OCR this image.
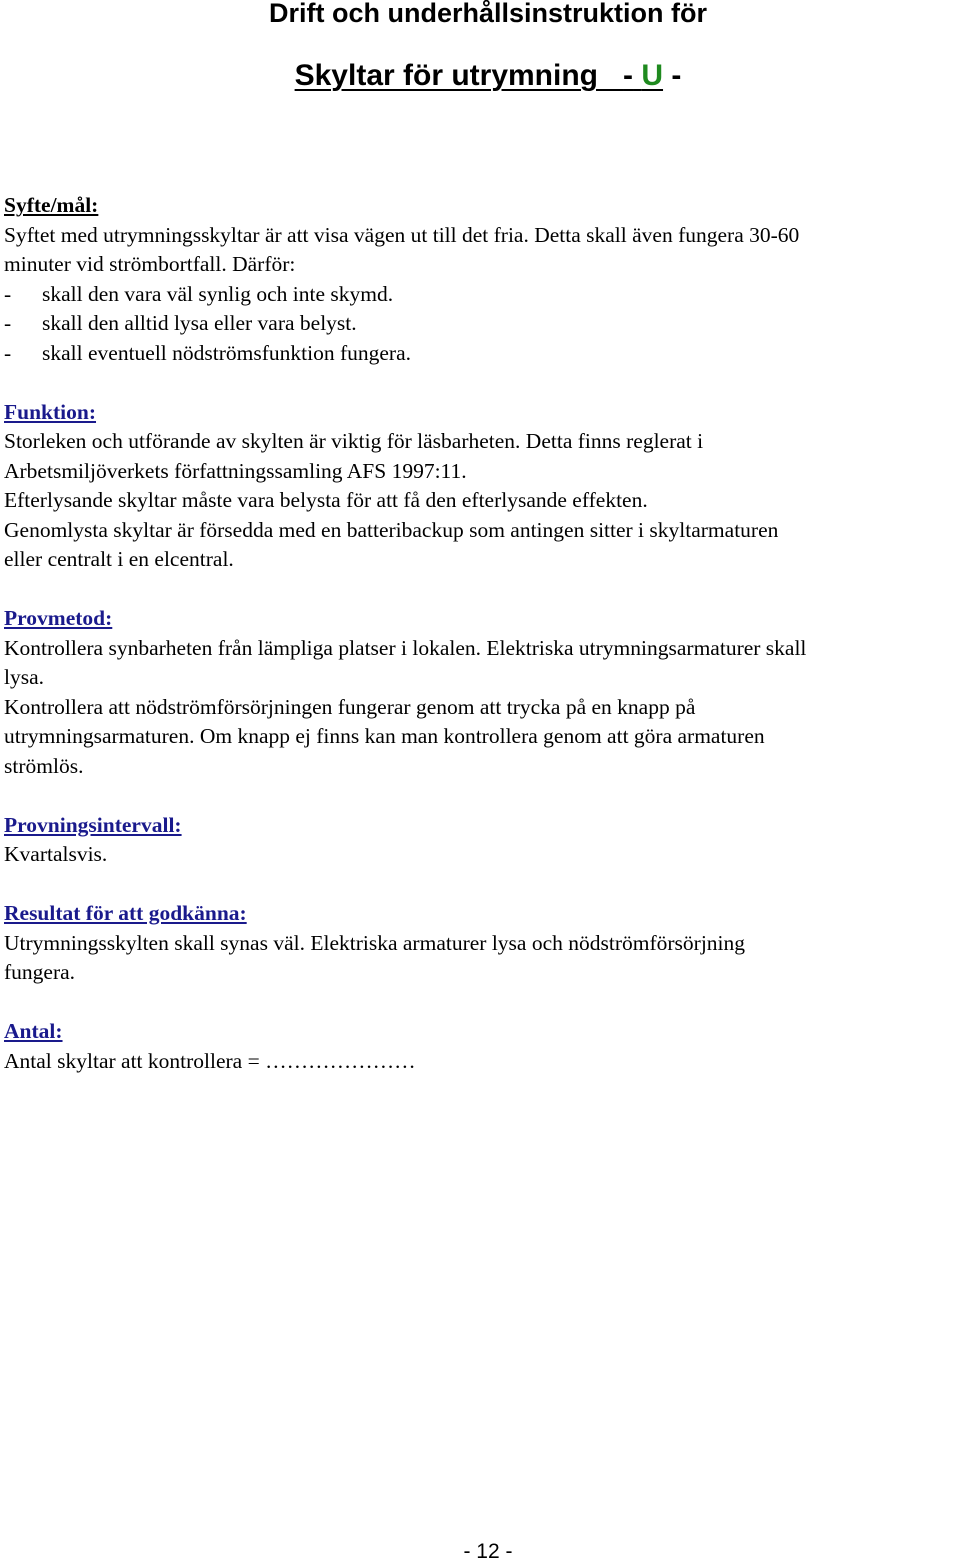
Drift och underhållsinstruktion för
Skyltar för utrymning - U -
Syfte/mål:
Syftet med utrymningsskyltar är att visa vägen ut till det fria. Detta skall även fungera 30-60
minuter vid strömbortfall. Därför:
- skall den vara väl synlig och inte skymd.
- skall den alltid lysa eller vara belyst.
- skall eventuell nödströmsfunktion fungera.
Funktion:
Storleken och utförande av skylten är viktig för läsbarheten. Detta finns reglerat i
Arbetsmiljöverkets författningssamling AFS 1997:11.
Efterlysande skyltar måste vara belysta för att få den efterlysande effekten.
Genomlysta skyltar är försedda med en batteribackup som antingen sitter i skyltarmaturen
eller centralt i en elcentral.
Provmetod:
Kontrollera synbarheten från lämpliga platser i lokalen. Elektriska utrymningsarmaturer skall
lysa.
Kontrollera att nödströmförsörjningen fungerar genom att trycka på en knapp på
utrymningsarmaturen. Om knapp ej finns kan man kontrollera genom att göra armaturen
strömlös.
Provningsintervall:
Kvartalsvis.
Resultat för att godkänna:
Utrymningsskylten skall synas väl. Elektriska armaturer lysa och nödströmförsörjning
fungera.
Antal:
Antal skyltar att kontrollera = …………………
- 12 -
